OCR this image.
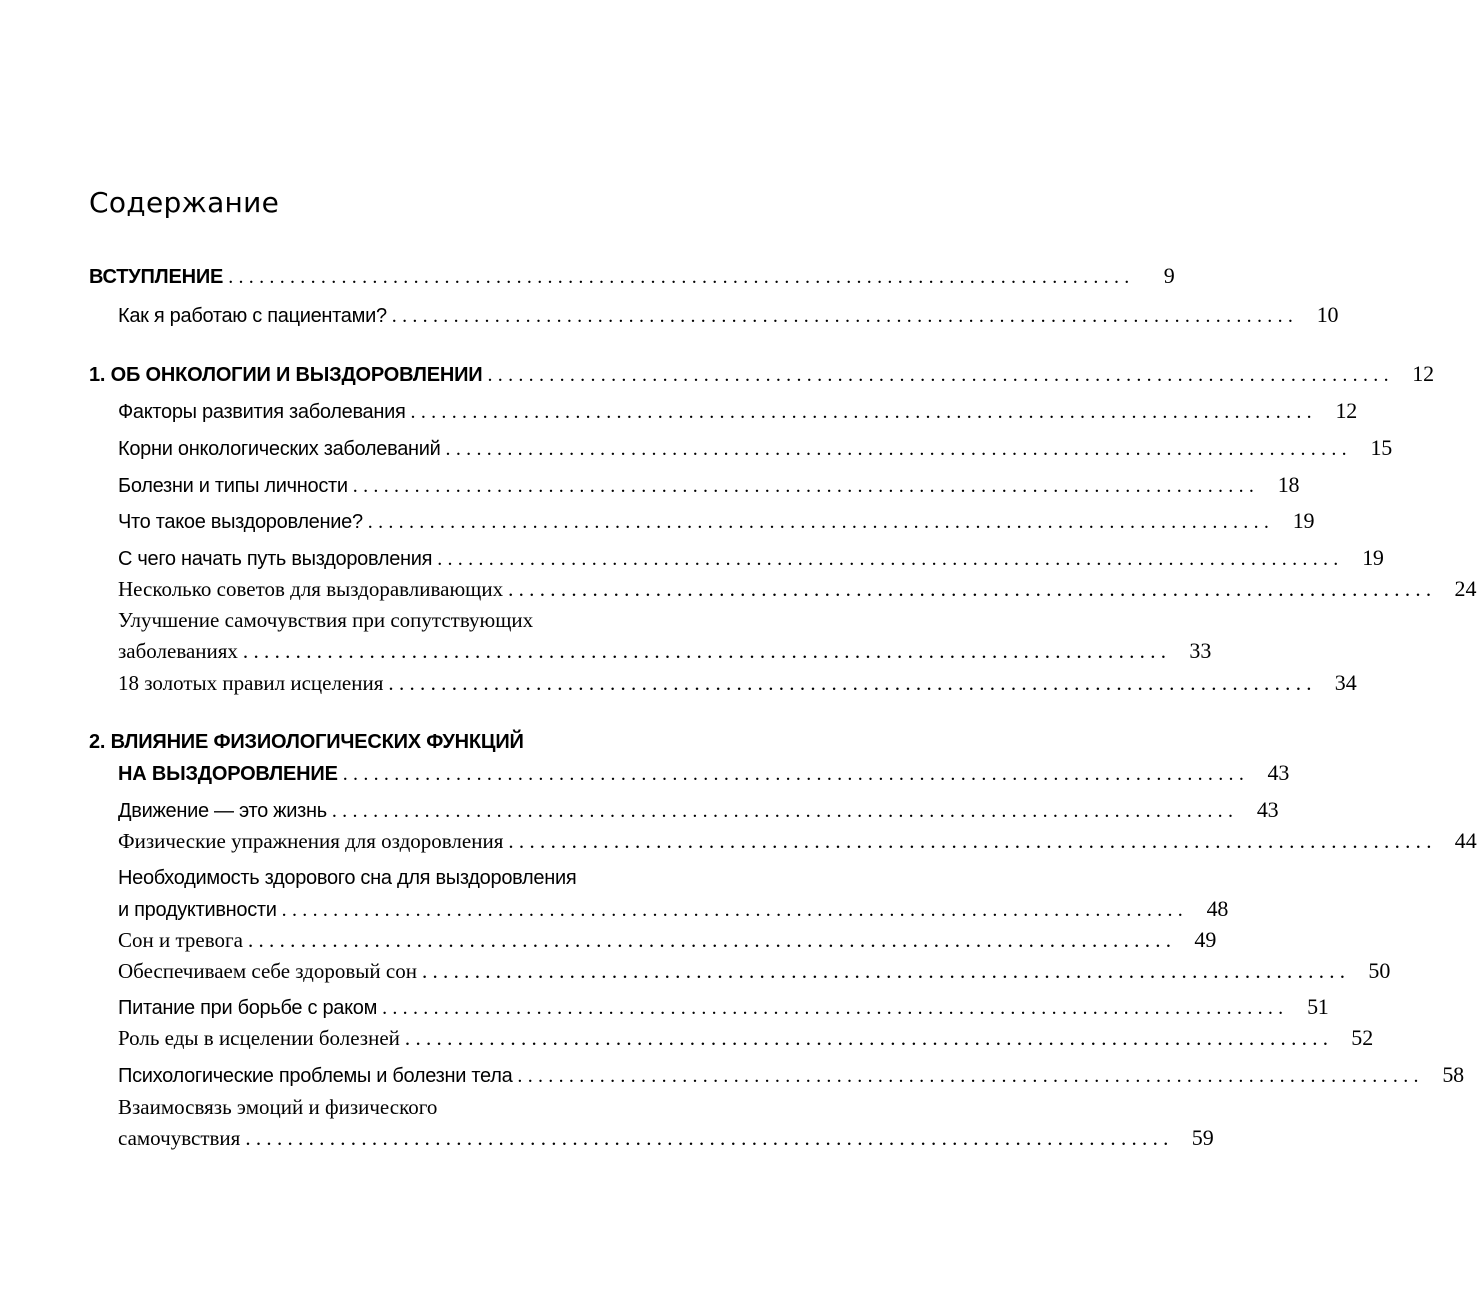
Содержание
ВСТУПЛЕНИЕ ........................................................................................	9
Как я работаю с пациентами? ........................................................................................ 10
1. ОБ ОНКОЛОГИИ И ВЫЗДОРОВЛЕНИИ ........................................................................................ 12
Факторы развития заболевания ........................................................................................ 12
Корни онкологических заболеваний ........................................................................................ 15
Болезни и типы личности ........................................................................................ 18
Что такое выздоровление? ........................................................................................ 19
С чего начать путь выздоровления ........................................................................................ 19
Несколько советов для выздоравливающих ........................................................................................ 24
Улучшение самочувствия при сопутствующих
заболеваниях ........................................................................................ 33
18 золотых правил исцеления ........................................................................................ 34
2. ВЛИЯНИЕ ФИЗИОЛОГИЧЕСКИХ ФУНКЦИЙ
НА ВЫЗДОРОВЛЕНИЕ ........................................................................................ 43
Движение — это жизнь ........................................................................................ 43
Физические упражнения для оздоровления ........................................................................................ 44
Необходимость здорового сна для выздоровления
и продуктивности ........................................................................................ 48
Сон и тревога ........................................................................................ 49
Обеспечиваем себе здоровый сон ........................................................................................ 50
Питание при борьбе с раком ........................................................................................ 51
Роль еды в исцелении болезней ........................................................................................ 52
Психологические проблемы и болезни тела ........................................................................................ 58
Взаимосвязь эмоций и физического
самочувствия ........................................................................................ 59
